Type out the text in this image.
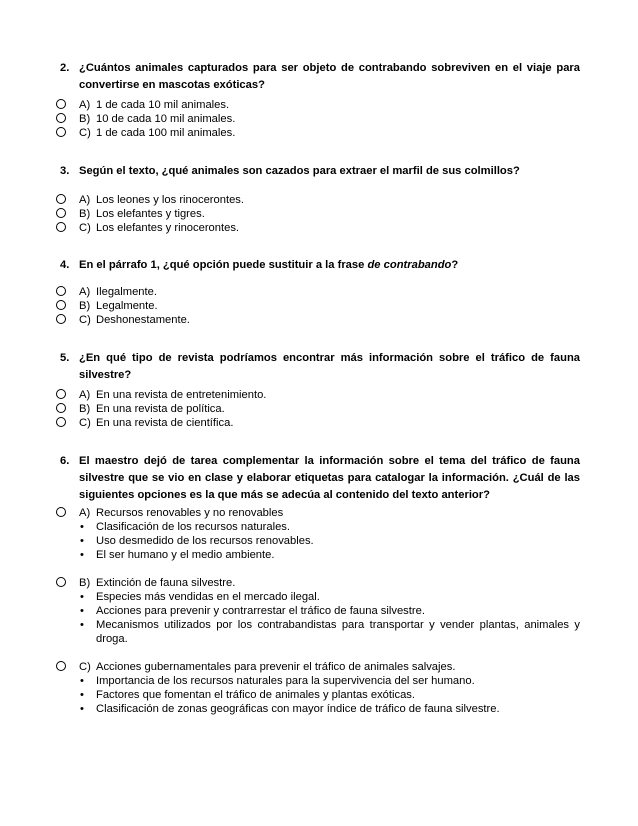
2. ¿Cuántos animales capturados para ser objeto de contrabando sobreviven en el viaje para convertirse en mascotas exóticas?
A) 1 de cada 10 mil animales.
B) 10 de cada 10 mil animales.
C) 1 de cada 100 mil animales.
3. Según el texto, ¿qué animales son cazados para extraer el marfil de sus colmillos?
A) Los leones y los rinocerontes.
B) Los elefantes y tigres.
C) Los elefantes y rinocerontes.
4. En el párrafo 1, ¿qué opción puede sustituir a la frase de contrabando?
A) Ilegalmente.
B) Legalmente.
C) Deshonestamente.
5. ¿En qué tipo de revista podríamos encontrar más información sobre el tráfico de fauna silvestre?
A) En una revista de entretenimiento.
B) En una revista de política.
C) En una revista de científica.
6. El maestro dejó de tarea complementar la información sobre el tema del tráfico de fauna silvestre que se vio en clase y elaborar etiquetas para catalogar la información. ¿Cuál de las siguientes opciones es la que más se adecúa al contenido del texto anterior?
A) Recursos renovables y no renovables
• Clasificación de los recursos naturales.
• Uso desmedido de los recursos renovables.
• El ser humano y el medio ambiente.
B) Extinción de fauna silvestre.
• Especies más vendidas en el mercado ilegal.
• Acciones para prevenir y contrarrestar el tráfico de fauna silvestre.
• Mecanismos utilizados por los contrabandistas para transportar y vender plantas, animales y droga.
C) Acciones gubernamentales para prevenir el tráfico de animales salvajes.
• Importancia de los recursos naturales para la supervivencia del ser humano.
• Factores que fomentan el tráfico de animales y plantas exóticas.
• Clasificación de zonas geográficas con mayor índice de tráfico de fauna silvestre.
